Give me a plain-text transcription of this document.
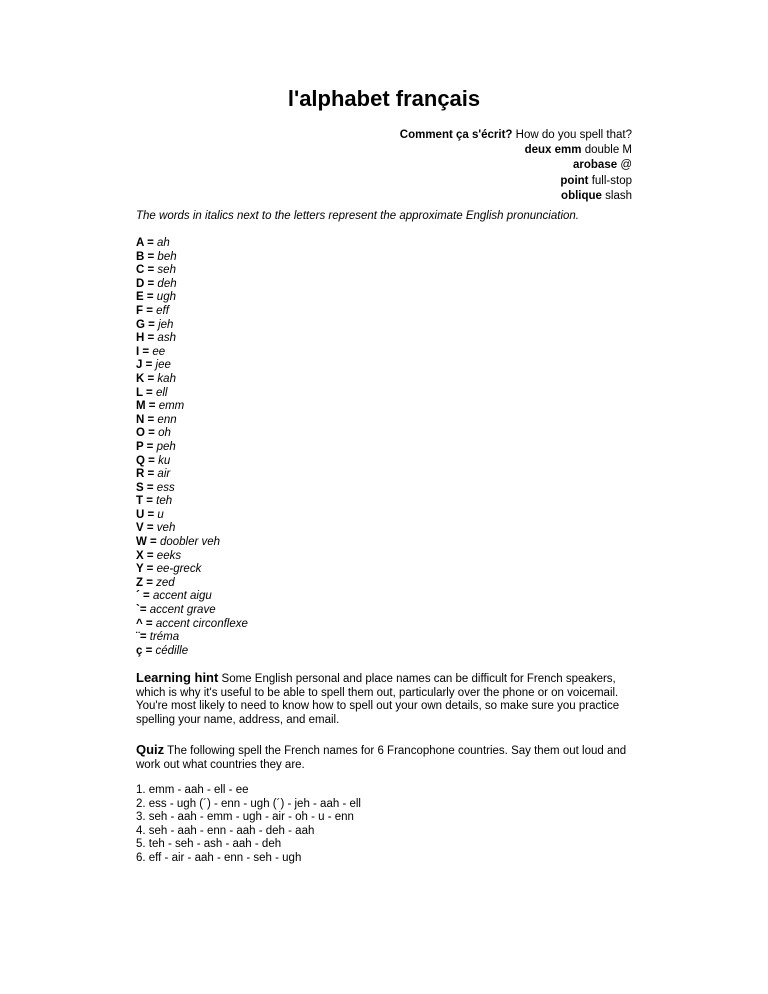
l'alphabet français
Comment ça s'écrit? How do you spell that?
deux emm double M
arobase @
point full-stop
oblique slash

The words in italics next to the letters represent the approximate English pronunciation.

A = ah
B = beh
C = seh
D = deh
E = ugh
F = eff
G = jeh
H = ash
I = ee
J = jee
K = kah
L = ell
M = emm
N = enn
O = oh
P = peh
Q = ku
R = air
S = ess
T = teh
U = u
V = veh
W = doobler veh
X = eeks
Y = ee-greck
Z = zed
´ = accent aigu
`= accent grave
^ = accent circonflexe
¨= tréma
ç = cédille

Learning hint Some English personal and place names can be difficult for French speakers, which is why it's useful to be able to spell them out, particularly over the phone or on voicemail. You're most likely to need to know how to spell out your own details, so make sure you practice spelling your name, address, and email.

Quiz The following spell the French names for 6 Francophone countries. Say them out loud and work out what countries they are.

1. emm - aah - ell - ee
2. ess - ugh (´) - enn - ugh (´) - jeh - aah - ell
3. seh - aah - emm - ugh - air - oh - u - enn
4. seh - aah - enn - aah - deh - aah
5. teh - seh - ash - aah - deh
6. eff - air - aah - enn - seh - ugh
